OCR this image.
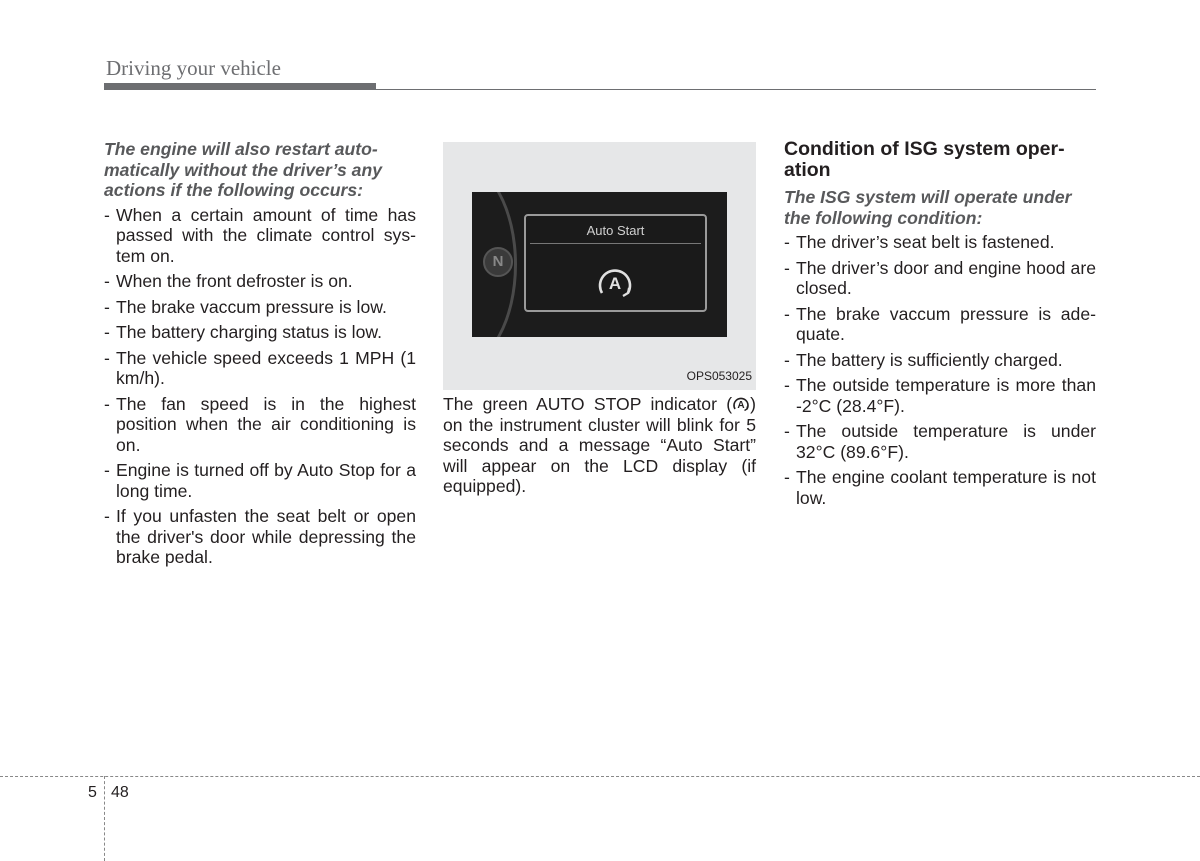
Driving your vehicle

The engine will also restart auto-matically without the driver’s any actions if the following occurs:

- When a certain amount of time has passed with the climate control sys-tem on.
- When the front defroster is on.
- The brake vaccum pressure is low.
- The battery charging status is low.
- The vehicle speed exceeds 1 MPH (1 km/h).
- The fan speed is in the highest position when the air conditioning is on.
- Engine is turned off by Auto Stop for a long time.
- If you unfasten the seat belt or open the driver's door while depressing the brake pedal.
N
Auto Start
A
OPS053025

The green AUTO STOP indicator ( A ) on the instrument cluster will blink for 5 seconds and a message “Auto Start” will appear on the LCD display (if equipped).

Condition of ISG system oper-ation

The ISG system will operate under the following condition:

- The driver’s seat belt is fastened.
- The driver’s door and engine hood are closed.
- The brake vaccum pressure is ade-quate.
- The battery is sufficiently charged.
- The outside temperature is more than -2°C (28.4°F).
- The outside temperature is under 32°C (89.6°F).
- The engine coolant temperature is not low.
5 48
